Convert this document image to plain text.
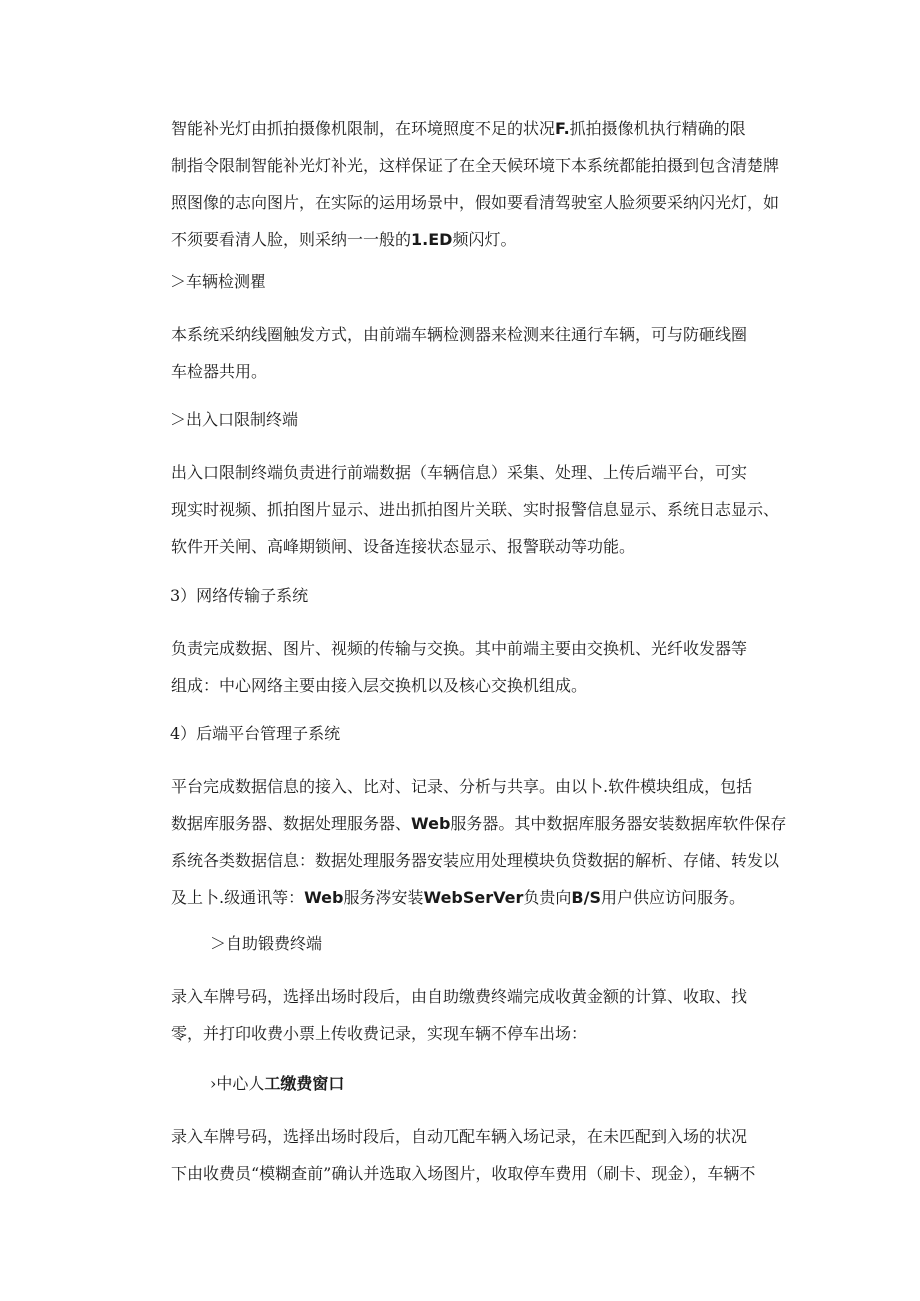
智能补光灯由抓拍摄像机限制，在环境照度不足的状况F.抓拍摄像机执行精确的限
制指令限制智能补光灯补光，这样保证了在全天候环境下本系统都能拍摄到包含清楚牌
照图像的志向图片，在实际的运用场景中，假如要看清驾驶室人脸须要采纳闪光灯，如
不须要看清人脸，则采纳一一般的1.ED频闪灯。

＞车辆检测瞿

本系统采纳线圈触发方式，由前端车辆检测器来检测来往通行车辆，可与防砸线圈
车检器共用。

＞出入口限制终端

出入口限制终端负责进行前端数据（车辆信息）采集、处理、上传后端平台，可实
现实时视频、抓拍图片显示、进出抓拍图片关联、实时报警信息显示、系统日志显示、
软件开关闸、高峰期锁闸、设备连接状态显示、报警联动等功能。

3）网络传输子系统

负责完成数据、图片、视频的传输与交换。其中前端主要由交换机、光纤收发器等
组成：中心网络主要由接入层交换机以及核心交换机组成。

4）后端平台管理子系统

平台完成数据信息的接入、比对、记录、分析与共享。由以卜.软件模块组成，包括
数据库服务器、数据处理服务器、Web服务器。其中数据库服务器安装数据库软件保存
系统各类数据信息：数据处理服务器安装应用处理模块负贷数据的解析、存储、转发以
及上卜.级通讯等：Web服务涔安装WebSerVer负贵向B/S用户供应访问服务。

＞自助锻费终端

录入车牌号码，选择出场时段后，由自助缴费终端完成收黄金额的计算、收取、找
零，并打印收费小票上传收费记录，实现车辆不停车出场：

›中心人工缴费窗口

录入车牌号码，选择出场时段后，自动兀配车辆入场记录，在未匹配到入场的状况
下由收费员“模糊查前”确认并选取入场图片，收取停车费用（刷卡、现金），车辆不
